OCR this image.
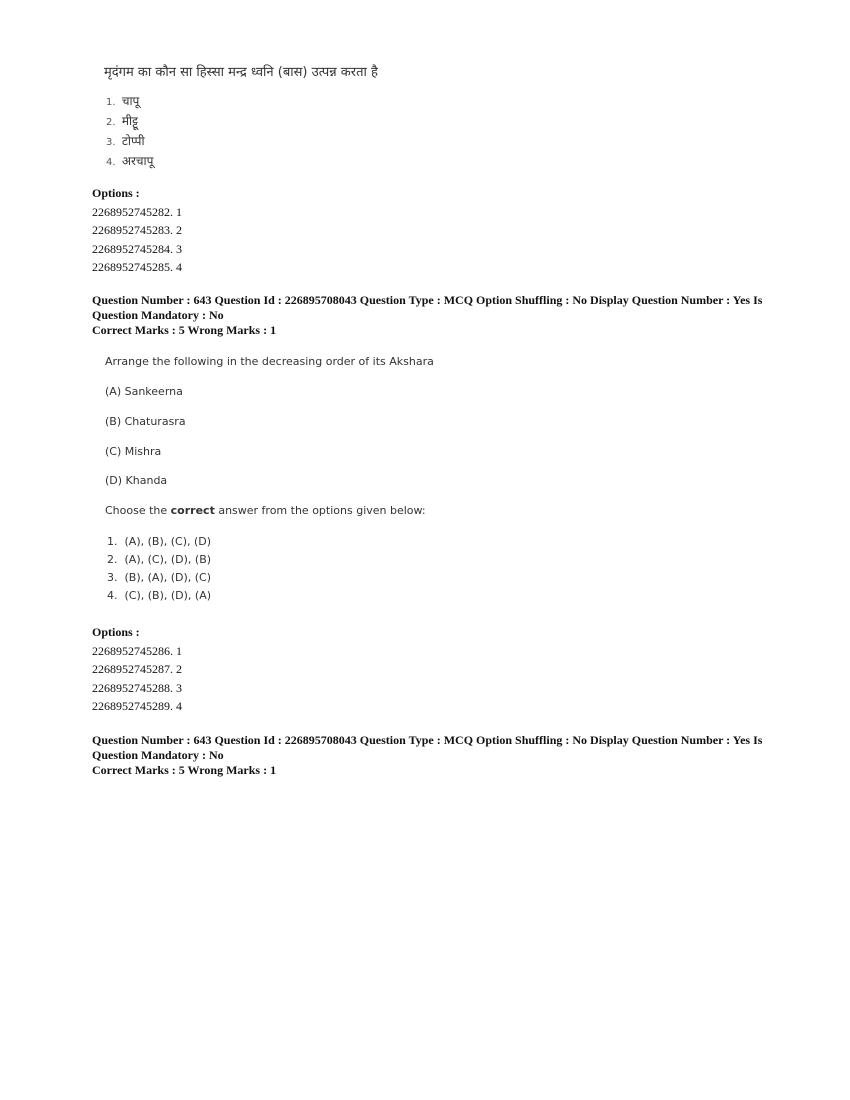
मृदंगम का कौन सा हिस्सा मन्द्र ध्वनि (बास) उत्पन्न करता है
1. चापू
2. मीट्टू
3. टोप्पी
4. अरचापू
Options :
2268952745282. 1
2268952745283. 2
2268952745284. 3
2268952745285. 4
Question Number : 643 Question Id : 226895708043 Question Type : MCQ Option Shuffling : No Display Question Number : Yes Is
Question Mandatory : No
Correct Marks : 5 Wrong Marks : 1
Arrange the following in the decreasing order of its Akshara
(A) Sankeerna
(B) Chaturasra
(C) Mishra
(D) Khanda
Choose the correct answer from the options given below:
1. (A), (B), (C), (D)
2. (A), (C), (D), (B)
3. (B), (A), (D), (C)
4. (C), (B), (D), (A)
Options :
2268952745286. 1
2268952745287. 2
2268952745288. 3
2268952745289. 4
Question Number : 643 Question Id : 226895708043 Question Type : MCQ Option Shuffling : No Display Question Number : Yes Is
Question Mandatory : No
Correct Marks : 5 Wrong Marks : 1
